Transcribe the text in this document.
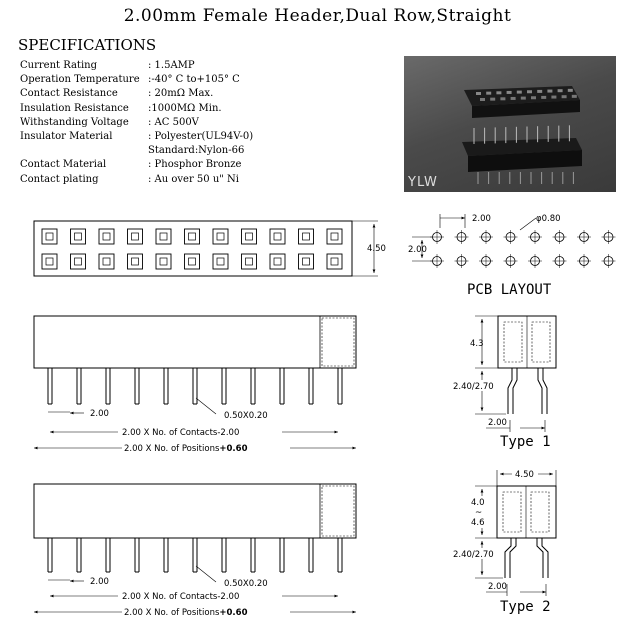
2.00mm Female Header,Dual Row,Straight
SPECIFICATIONS
Current Rating	: 1.5AMP
Operation Temperature :-40° C to+105° C
Contact Resistance	: 20mΩ Max.
Insulation Resistance	:1000MΩ Min.
Withstanding Voltage	: AC 500V
Insulator Material	: Polyester(UL94V-0)
Standard:Nylon-66
Contact Material	: Phosphor Bronze
Contact plating	: Au over 50 u" Ni	YLW
4.50
2.00	φ0.80
2.00
PCB LAYOUT
2.00	0.50X0.20
2.00 X No. of Contacts-2.00
2.00 X No. of Positions+0.60
2.00	0.50X0.20
2.00 X No. of Contacts-2.00
2.00 X No. of Positions+0.60
4.3
2.40/2.70
2.00
Type 1
4.50
4.0
~
4.6
2.40/2.70
2.00
Type 2
